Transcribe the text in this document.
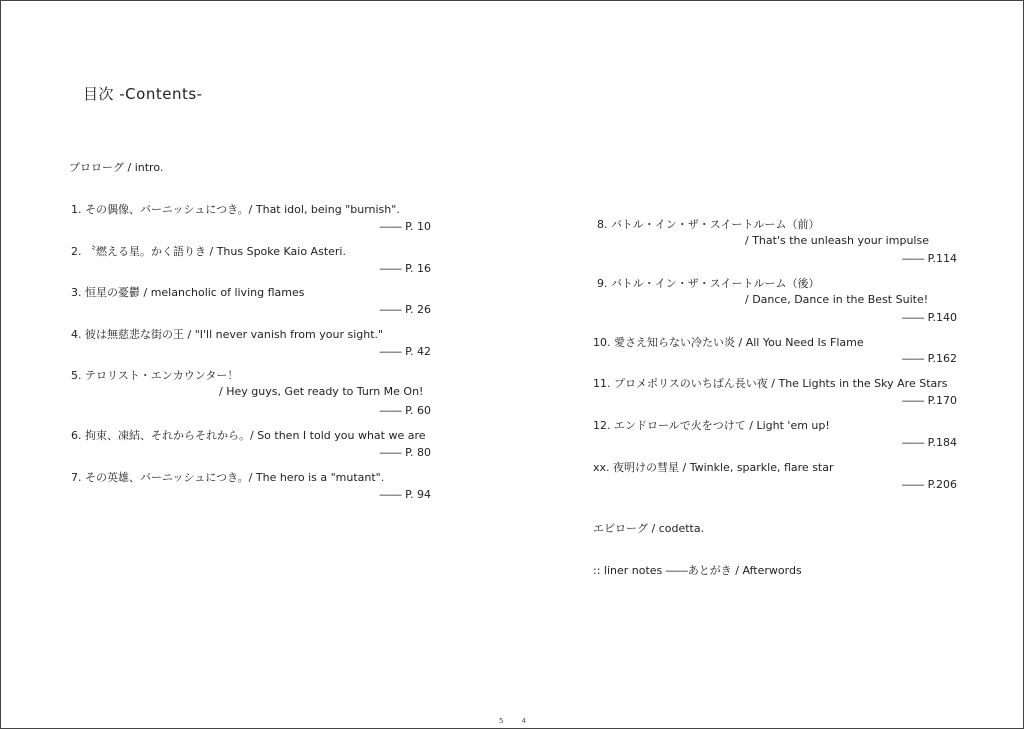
目次 -Contents-
プロローグ / intro.
1. その偶像、バーニッシュにつき。/ That idol, being "burnish".
―― P. 10
2. 〝燃える星。かく語りき / Thus Spoke Kaio Asteri.
―― P. 16
3. 恒星の憂鬱 / melancholic of living flames
―― P. 26
4. 彼は無慈悲な街の王 / "I'll never vanish from your sight."
―― P. 42
5. テロリスト・エンカウンター！
/ Hey guys, Get ready to Turn Me On!
―― P. 60
6. 拘束、凍結、それからそれから。/ So then I told you what we are
―― P. 80
7. その英雄、バーニッシュにつき。/ The hero is a "mutant".
―― P. 94
8. バトル・イン・ザ・スイートルーム（前）
/ That's the unleash your impulse
―― P.114
9. バトル・イン・ザ・スイートルーム（後）
/ Dance, Dance in the Best Suite!
―― P.140
10. 愛さえ知らない冷たい炎 / All You Need Is Flame
―― P.162
11. プロメポリスのいちばん長い夜 / The Lights in the Sky Are Stars
―― P.170
12. エンドロールで火をつけて / Light 'em up!
―― P.184
xx. 夜明けの彗星 / Twinkle, sparkle, flare star
―― P.206
エピローグ / codetta.
:: liner notes ――あとがき / Afterwords
5 4
